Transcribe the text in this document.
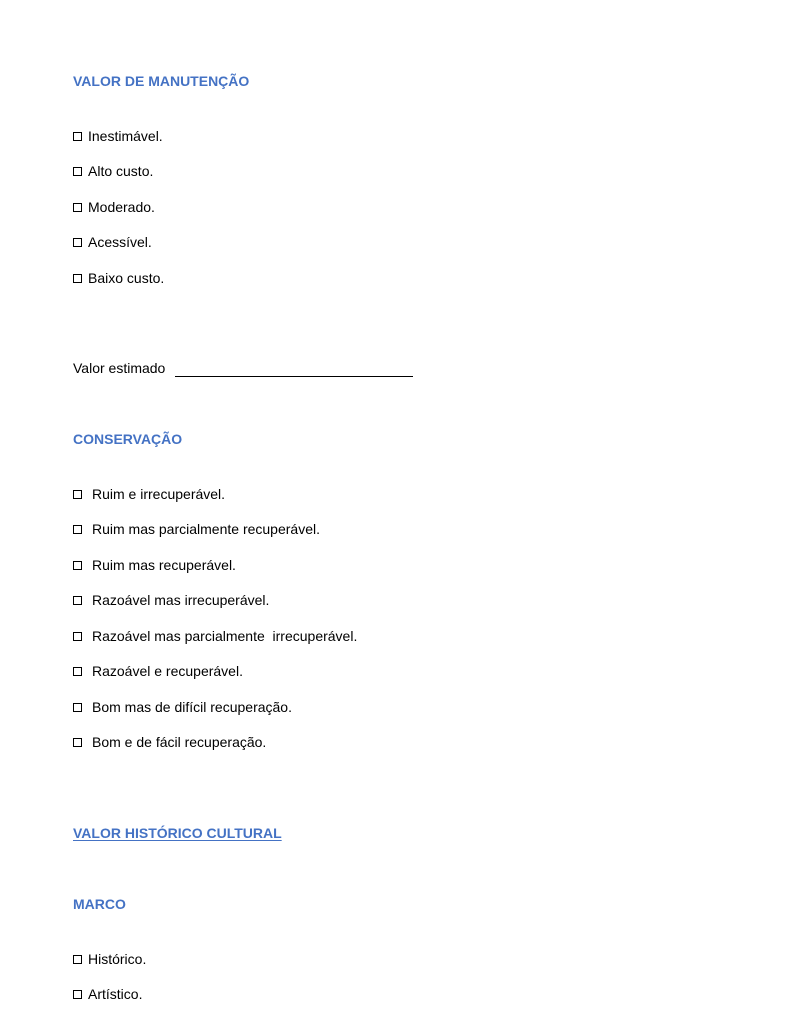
VALOR DE MANUTENÇÃO
Inestimável.
Alto custo.
Moderado.
Acessível.
Baixo custo.
Valor estimado
CONSERVAÇÃO
Ruim e irrecuperável.
Ruim mas parcialmente recuperável.
Ruim mas recuperável.
Razoável mas irrecuperável.
Razoável mas parcialmente  irrecuperável.
Razoável e recuperável.
Bom mas de difícil recuperação.
Bom e de fácil recuperação.
VALOR HISTÓRICO CULTURAL
MARCO
Histórico.
Artístico.
